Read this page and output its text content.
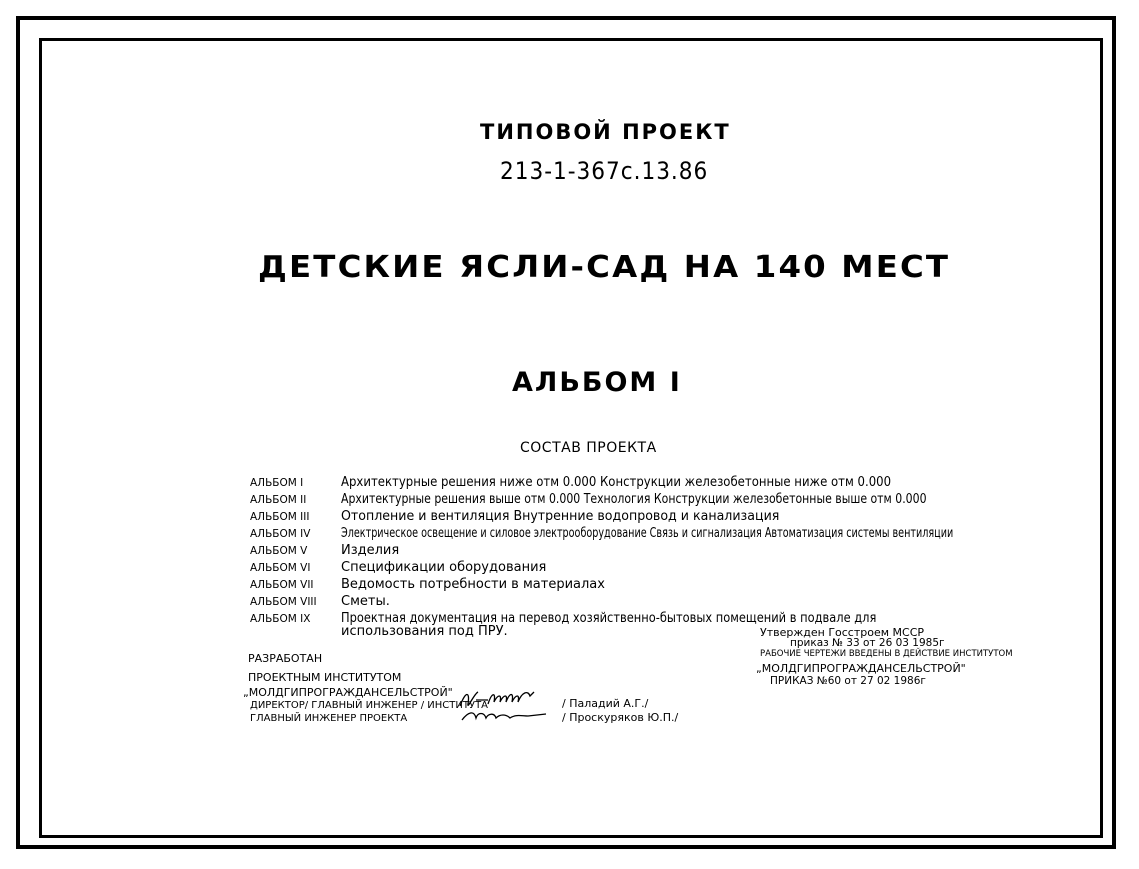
ТИПОВОЙ ПРОЕКТ
213-1-367с.13.86
ДЕТСКИЕ ЯСЛИ-САД НА 140 МЕСТ
АЛЬБОМ I
СОСТАВ ПРОЕКТА
АЛЬБОМ I	Архитектурные решения ниже отм 0.000 Конструкции железобетонные ниже отм 0.000
АЛЬБОМ II	Архитектурные решения выше отм 0.000 Технология Конструкции железобетонные выше отм 0.000
АЛЬБОМ III	Отопление и вентиляция Внутренние водопровод и канализация
АЛЬБОМ IV	Электрическое освещение и силовое электрооборудование Связь и сигнализация Автоматизация системы вентиляции
АЛЬБОМ V	Изделия
АЛЬБОМ VI	Спецификации оборудования
АЛЬБОМ VII	Ведомость потребности в материалах
АЛЬБОМ VIII	Сметы.
АЛЬБОМ IX	Проектная документация на перевод хозяйственно-бытовых помещений в подвале для
использования под ПРУ.
РАЗРАБОТАН
ПРОЕКТНЫМ ИНСТИТУТОМ
„МОЛДГИПРОГРАЖДАНСЕЛЬСТРОЙ"
ДИРЕКТОР/ ГЛАВНЫЙ ИНЖЕНЕР / ИНСТИТУТА
ГЛАВНЫЙ ИНЖЕНЕР ПРОЕКТА
/ Паладий А.Г./
/ Проскуряков Ю.П./
Утвержден Госстроем МССР
приказ № 33 от 26 03 1985г
РАБОЧИЕ ЧЕРТЕЖИ ВВЕДЕНЫ В ДЕЙСТВИЕ ИНСТИТУТОМ
„МОЛДГИПРОГРАЖДАНСЕЛЬСТРОЙ"
ПРИКАЗ №60 от 27 02 1986г
